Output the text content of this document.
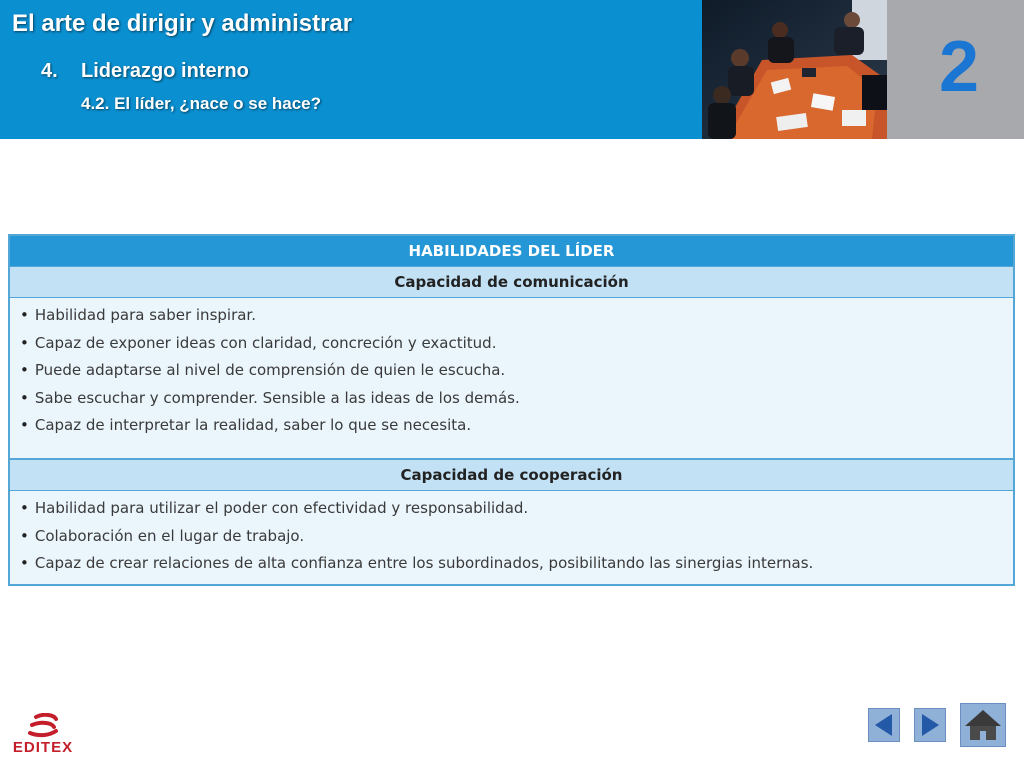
El arte de dirigir y administrar
4. Liderazgo interno
4.2. El líder, ¿nace o se hace?	2
HABILIDADES DEL LÍDER
Capacidad de comunicación
• Habilidad para saber inspirar.
• Capaz de exponer ideas con claridad, concreción y exactitud.
• Puede adaptarse al nivel de comprensión de quien le escucha.
• Sabe escuchar y comprender. Sensible a las ideas de los demás.
• Capaz de interpretar la realidad, saber lo que se necesita.
Capacidad de cooperación
• Habilidad para utilizar el poder con efectividad y responsabilidad.
• Colaboración en el lugar de trabajo.
• Capaz de crear relaciones de alta confianza entre los subordinados, posibilitando las sinergias internas.
EDITEX
